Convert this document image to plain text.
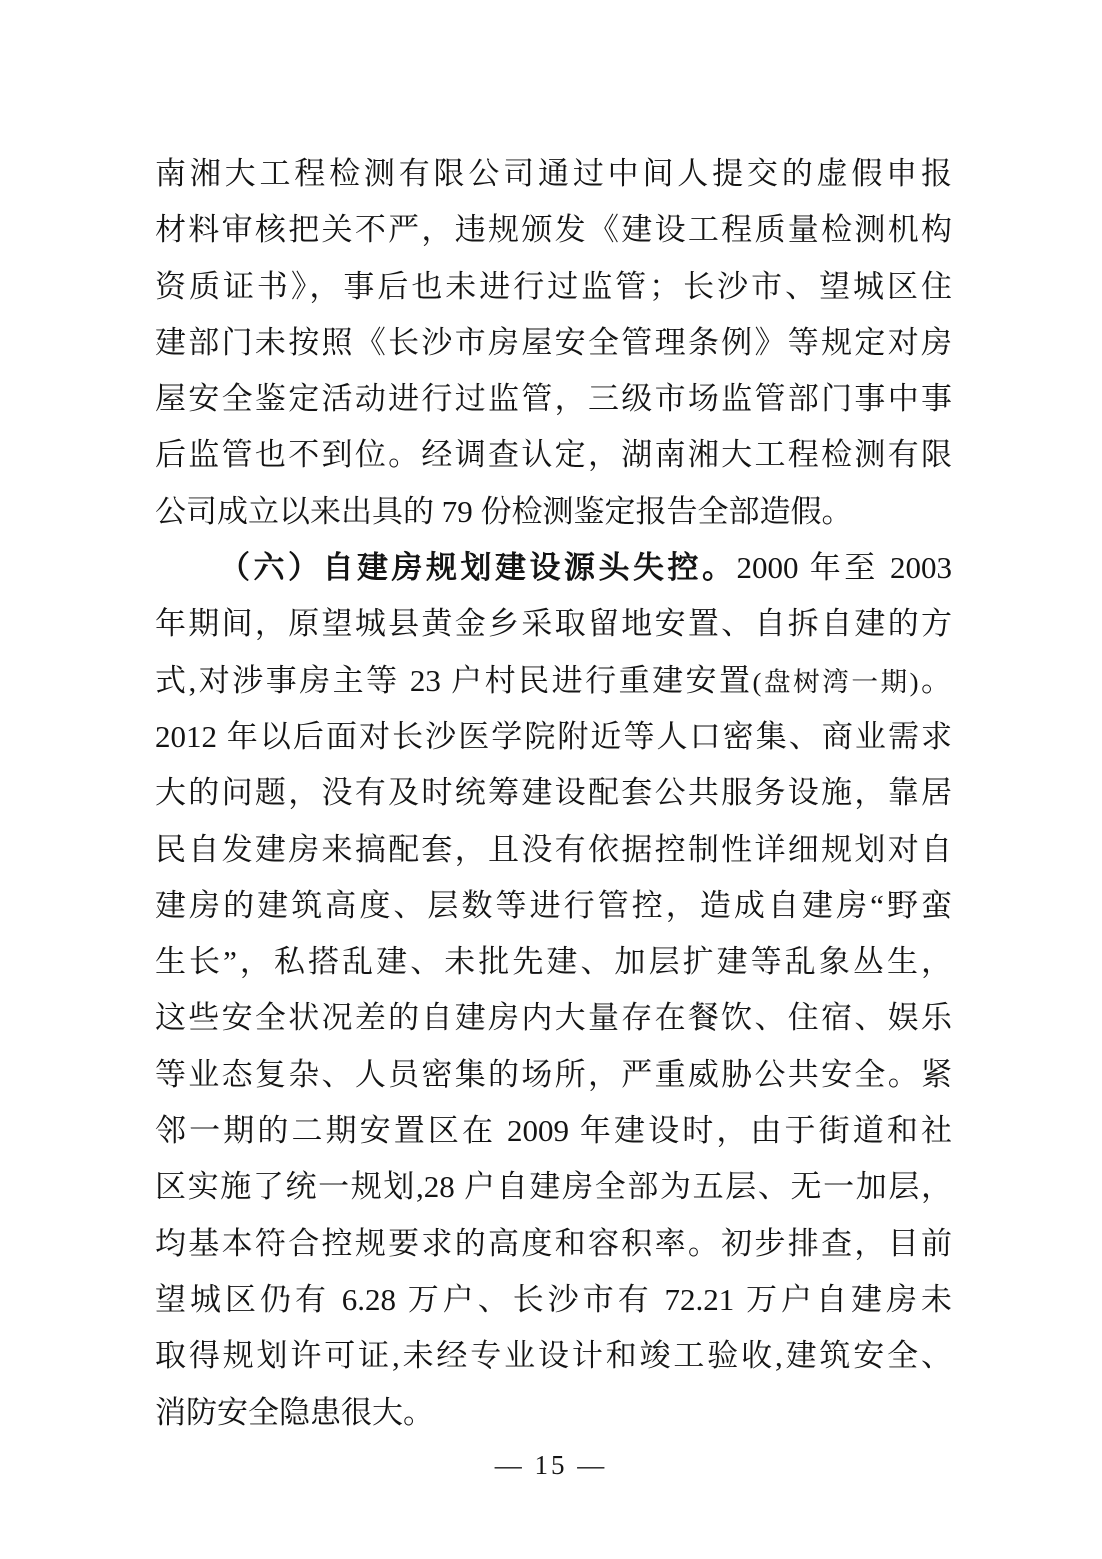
南湘大工程检测有限公司通过中间人提交的虚假申报
材料审核把关不严，违规颁发《建设工程质量检测机构
资质证书》，事后也未进行过监管；长沙市、望城区住
建部门未按照《长沙市房屋安全管理条例》等规定对房
屋安全鉴定活动进行过监管，三级市场监管部门事中事
后监管也不到位。经调查认定，湖南湘大工程检测有限
公司成立以来出具的 79 份检测鉴定报告全部造假。
（六）自建房规划建设源头失控。2000 年至 2003
年期间，原望城县黄金乡采取留地安置、自拆自建的方
式,对涉事房主等 23 户村民进行重建安置(盘树湾一期)。
2012 年以后面对长沙医学院附近等人口密集、商业需求
大的问题，没有及时统筹建设配套公共服务设施，靠居
民自发建房来搞配套，且没有依据控制性详细规划对自
建房的建筑高度、层数等进行管控，造成自建房“野蛮
生长”，私搭乱建、未批先建、加层扩建等乱象丛生，
这些安全状况差的自建房内大量存在餐饮、住宿、娱乐
等业态复杂、人员密集的场所，严重威胁公共安全。紧
邻一期的二期安置区在 2009 年建设时，由于街道和社
区实施了统一规划,28 户自建房全部为五层、无一加层，
均基本符合控规要求的高度和容积率。初步排查，目前
望城区仍有 6.28 万户、长沙市有 72.21 万户自建房未
取得规划许可证,未经专业设计和竣工验收,建筑安全、
消防安全隐患很大。
— 15 —
